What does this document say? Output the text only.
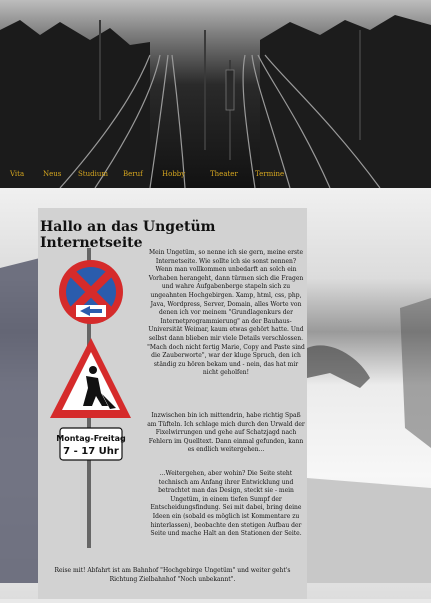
Vita	Neus Studium Beruf	Hobby	Theater Termine
Hallo an das Ungetüm Internetseite
Montag-Freitag
7 - 17 Uhr
Mein Ungetüm, so nenne ich sie gern, meine erste Internetseite. Wie sollte ich sie sonst nennen? Wenn man vollkommen unbedarft an solch ein Vorhaben herangeht, dann türmen sich die Fragen und wahre Aufgabenberge stapeln sich zu ungeahnten Hochgebirgen. Xamp, html, css, php, Java, Wordpress, Server, Domain, alles Worte von denen ich vor meinem "Grundlagenkurs der Internetprogrammierung" an der Bauhaus-Universität Weimar, kaum etwas gehört hatte. Und selbst dann blieben mir viele Details verschlossen. "Mach doch nicht fertig Marie, Copy and Paste sind die Zauberworte", war der kluge Spruch, den ich ständig zu hören bekam und - nein, das hat mir nicht geholfen!
Inzwischen bin ich mittendrin, habe richtig Spaß am Tüfteln. Ich schlage mich durch den Urwald der Fixelwirrungen und gehe auf Schatzjagd nach Fehlern im Quelltext. Dann einmal gefunden, kann es endlich weitergehen...
...Weitergehen, aber wohin? Die Seite steht technisch am Anfang ihrer Entwicklung und betrachtet man das Design, steckt sie - mein Ungetüm, in einem tiefen Sumpf der Entscheidungsfindung. Sei mit dabei, bring deine Ideen ein (sobald es möglich ist Kommentare zu hinterlassen), beobachte den stetigen Aufbau der Seite und mache Halt an den Stationen der Seite.
Reise mit! Abfahrt ist am Bahnhof "Hochgebirge Ungetüm" und weiter geht's Richtung Zielbahnhof "Noch unbekannt".
